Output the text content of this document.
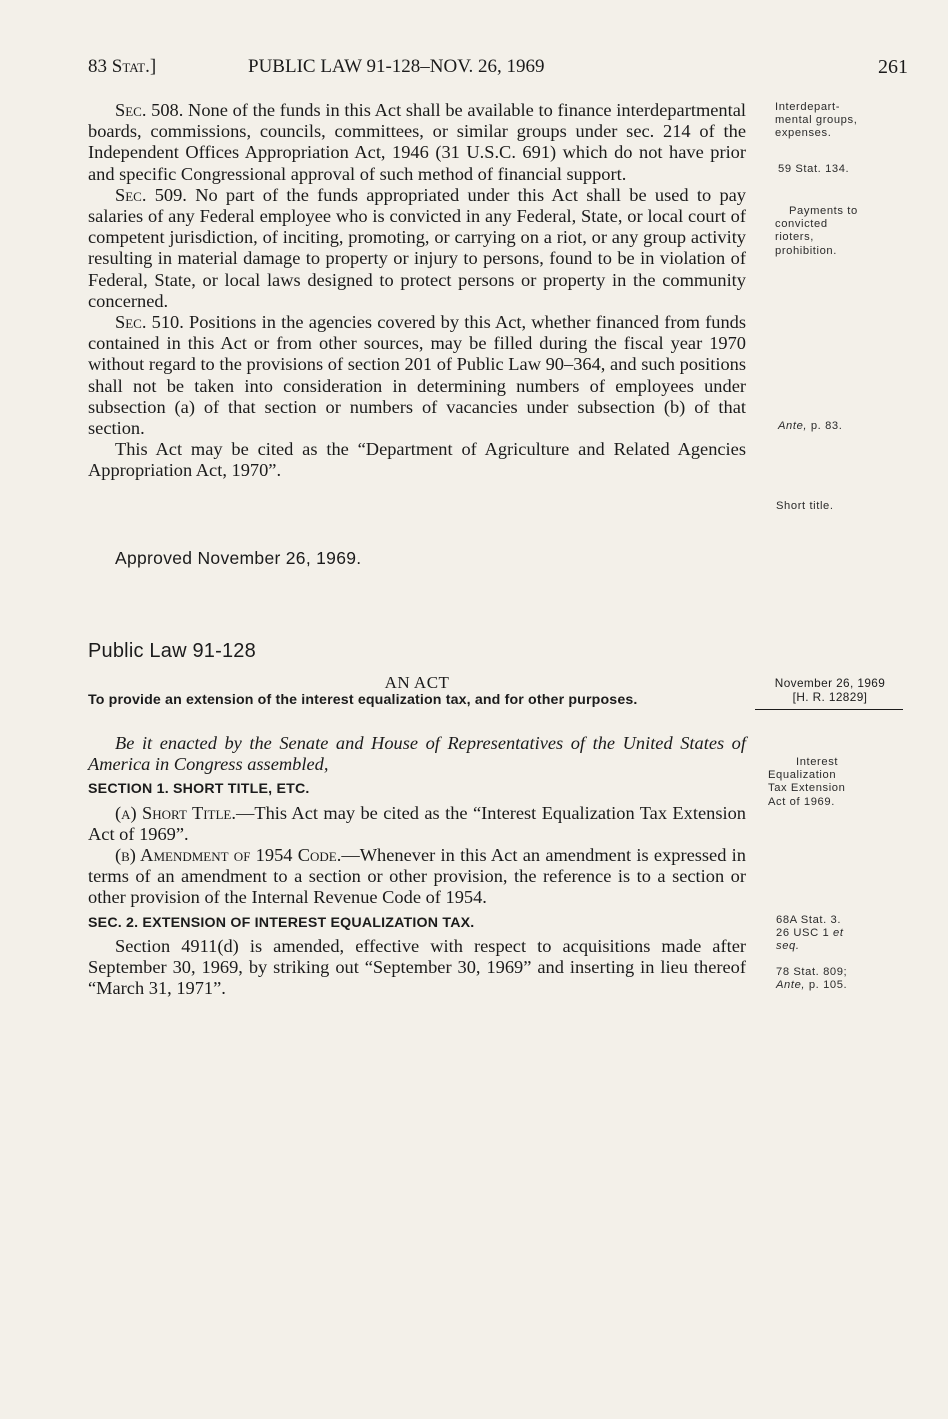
83 Stat.]	PUBLIC LAW 91-128–NOV. 26, 1969	261

Sec. 508. None of the funds in this Act shall be available to finance interdepartmental boards, commissions, councils, committees, or similar groups under sec. 214 of the Independent Offices Appropriation Act, 1946 (31 U.S.C. 691) which do not have prior and specific Congressional approval of such method of financial support.

Sec. 509. No part of the funds appropriated under this Act shall be used to pay salaries of any Federal employee who is convicted in any Federal, State, or local court of competent jurisdiction, of inciting, promoting, or carrying on a riot, or any group activity resulting in material damage to property or injury to persons, found to be in violation of Federal, State, or local laws designed to protect persons or property in the community concerned.

Sec. 510. Positions in the agencies covered by this Act, whether financed from funds contained in this Act or from other sources, may be filled during the fiscal year 1970 without regard to the provisions of section 201 of Public Law 90–364, and such positions shall not be taken into consideration in determining numbers of employees under subsection (a) of that section or numbers of vacancies under subsection (b) of that section.

This Act may be cited as the “Department of Agriculture and Related Agencies Appropriation Act, 1970”.

Approved November 26, 1969.
Public Law 91-128
AN ACT
To provide an extension of the interest equalization tax, and for other purposes.

Be it enacted by the Senate and House of Representatives of the United States of America in Congress assembled,

SECTION 1. SHORT TITLE, ETC.

(a) Short Title.—This Act may be cited as the “Interest Equalization Tax Extension Act of 1969”.

(b) Amendment of 1954 Code.—Whenever in this Act an amendment is expressed in terms of an amendment to a section or other provision, the reference is to a section or other provision of the Internal Revenue Code of 1954.

SEC. 2. EXTENSION OF INTEREST EQUALIZATION TAX.

Section 4911(d) is amended, effective with respect to acquisitions made after September 30, 1969, by striking out “September 30, 1969” and inserting in lieu thereof “March 31, 1971”.

Interdepart-
mental groups,
expenses.
59 Stat. 134.
Payments to
convicted
rioters,
prohibition.
Ante, p. 83.
Short title.
November 26, 1969
[H. R. 12829]
Interest
Equalization
Tax Extension
Act of 1969.
68A Stat. 3.
26 USC 1 et
seq.
78 Stat. 809;
Ante, p. 105.
